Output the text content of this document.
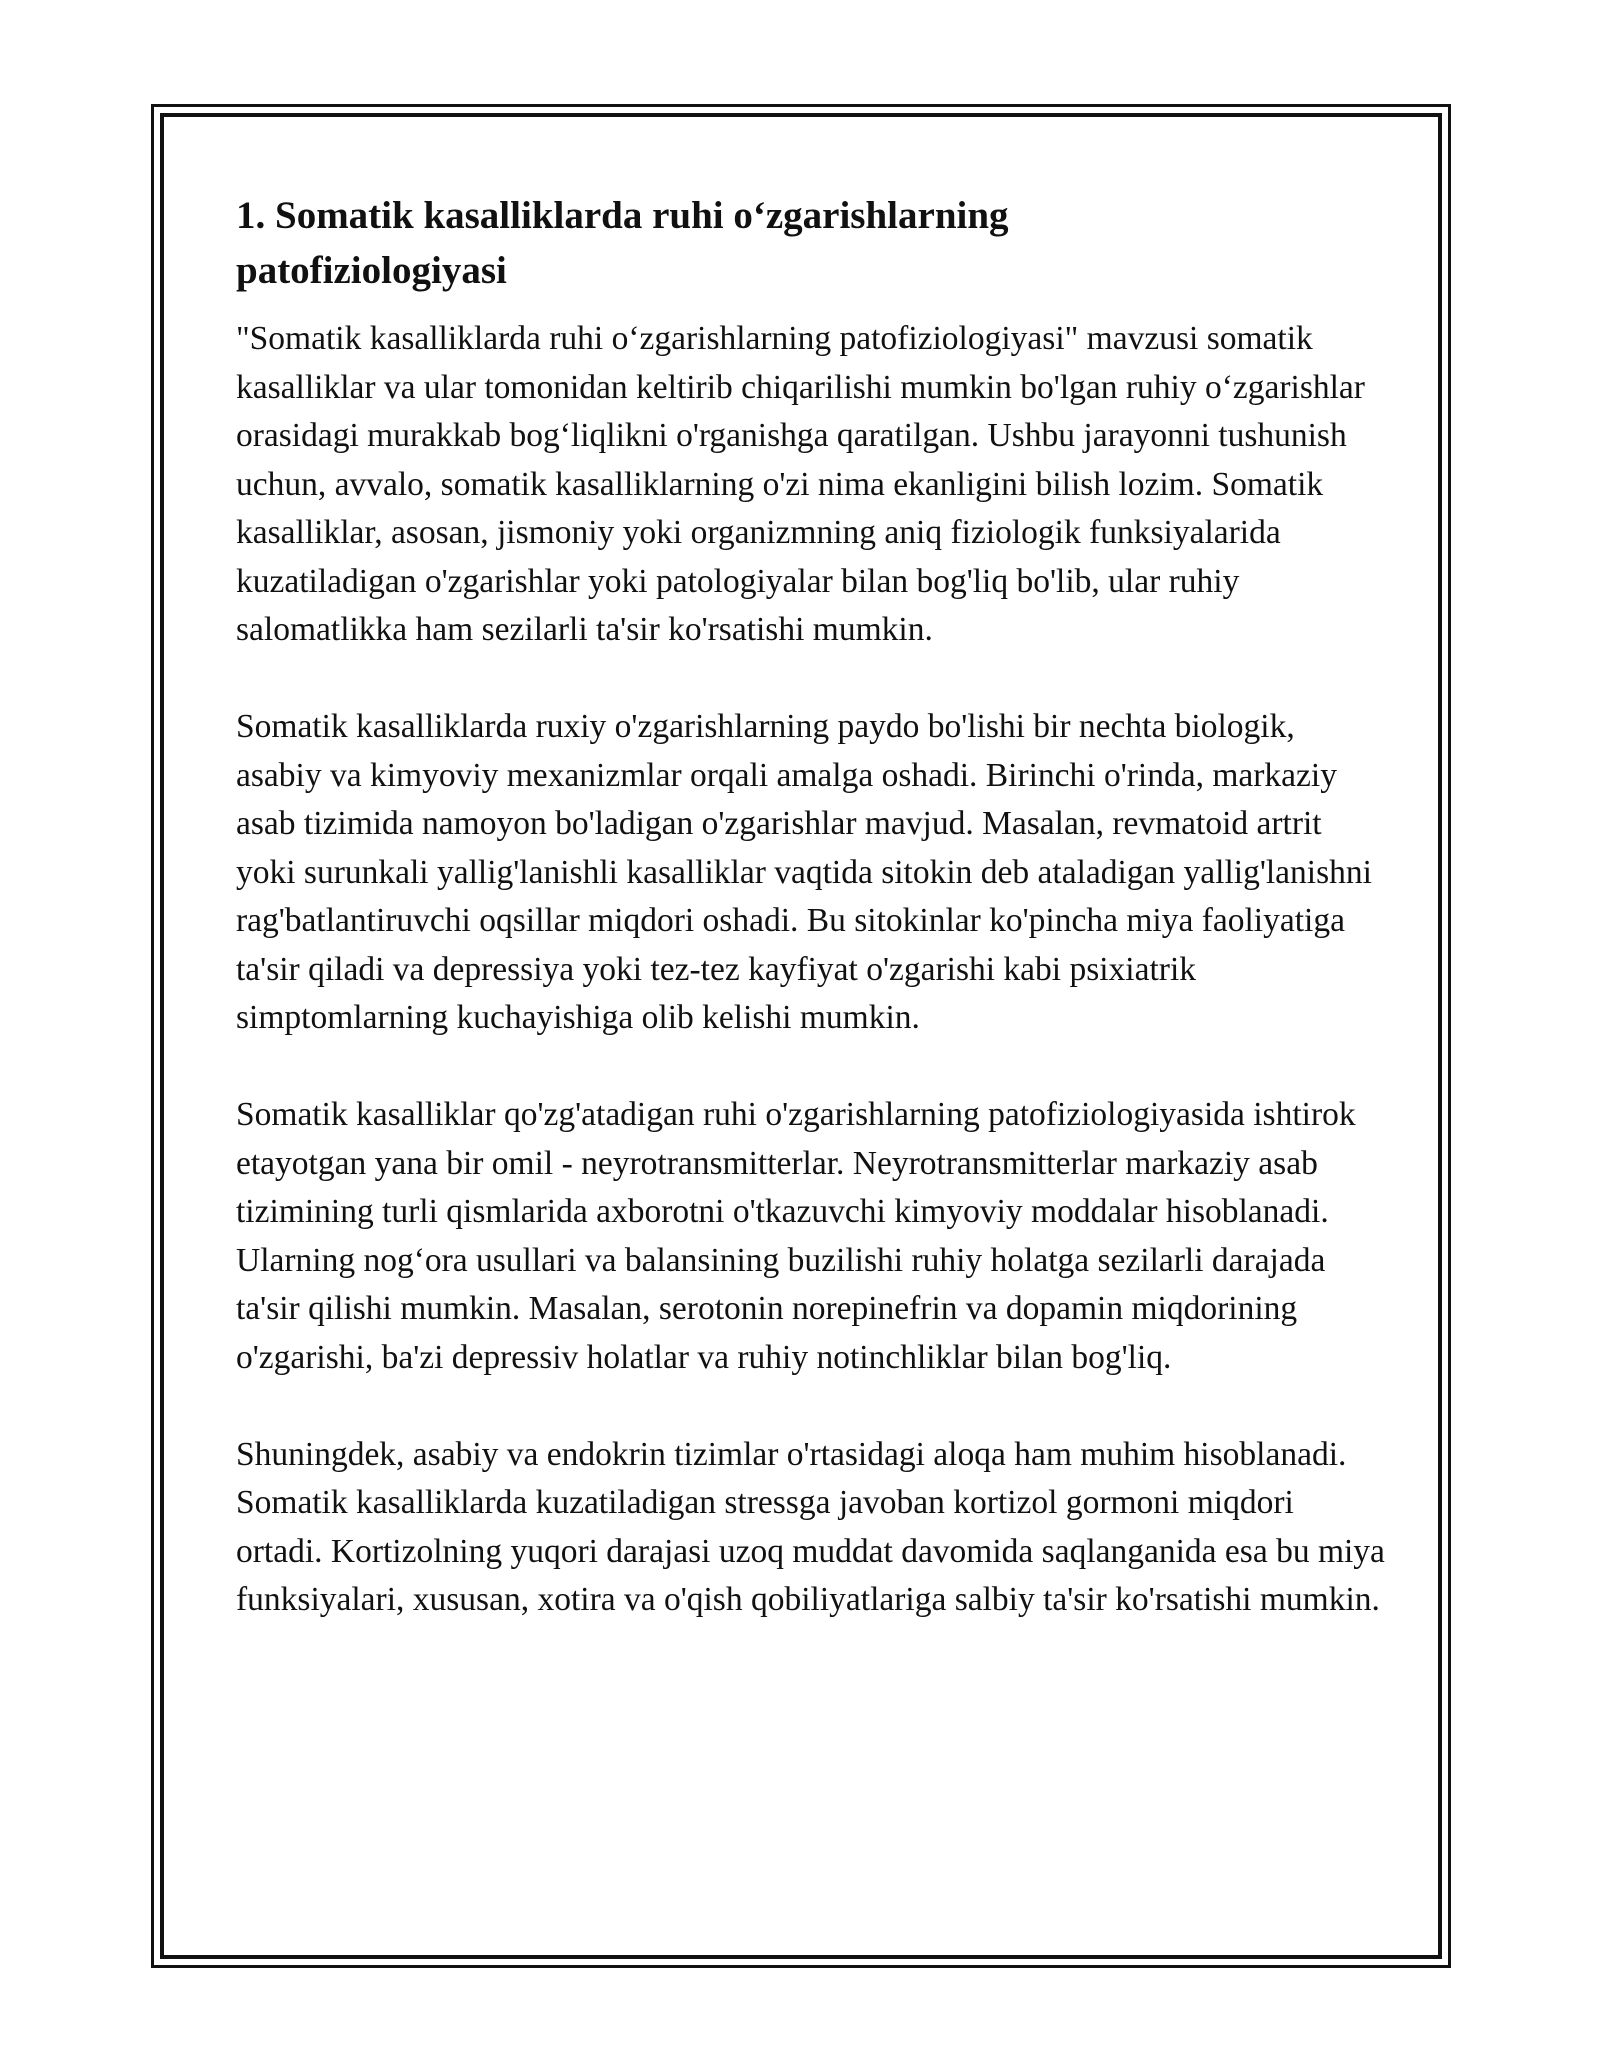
1. Somatik kasalliklarda ruhi oʻzgarishlarning patofiziologiyasi

"Somatik kasalliklarda ruhi oʻzgarishlarning patofiziologiyasi" mavzusi somatik kasalliklar va ular tomonidan keltirib chiqarilishi mumkin bo'lgan ruhiy oʻzgarishlar orasidagi murakkab bogʻliqlikni o'rganishga qaratilgan. Ushbu jarayonni tushunish uchun, avvalo, somatik kasalliklarning o'zi nima ekanligini bilish lozim. Somatik kasalliklar, asosan, jismoniy yoki organizmning aniq fiziologik funksiyalarida kuzatiladigan o'zgarishlar yoki patologiyalar bilan bog'liq bo'lib, ular ruhiy salomatlikka ham sezilarli ta'sir ko'rsatishi mumkin.

Somatik kasalliklarda ruxiy o'zgarishlarning paydo bo'lishi bir nechta biologik, asabiy va kimyoviy mexanizmlar orqali amalga oshadi. Birinchi o'rinda, markaziy asab tizimida namoyon bo'ladigan o'zgarishlar mavjud. Masalan, revmatoid artrit yoki surunkali yallig'lanishli kasalliklar vaqtida sitokin deb ataladigan yallig'lanishni rag'batlantiruvchi oqsillar miqdori oshadi. Bu sitokinlar ko'pincha miya faoliyatiga ta'sir qiladi va depressiya yoki tez-tez kayfiyat o'zgarishi kabi psixiatrik simptomlarning kuchayishiga olib kelishi mumkin.

Somatik kasalliklar qo'zg'atadigan ruhi o'zgarishlarning patofiziologiyasida ishtirok etayotgan yana bir omil - neyrotransmitterlar. Neyrotransmitterlar markaziy asab tizimining turli qismlarida axborotni o'tkazuvchi kimyoviy moddalar hisoblanadi. Ularning nogʻora usullari va balansining buzilishi ruhiy holatga sezilarli darajada ta'sir qilishi mumkin. Masalan, serotonin norepinefrin va dopamin miqdorining o'zgarishi, ba'zi depressiv holatlar va ruhiy notinchliklar bilan bog'liq.

Shuningdek, asabiy va endokrin tizimlar o'rtasidagi aloqa ham muhim hisoblanadi. Somatik kasalliklarda kuzatiladigan stressga javoban kortizol gormoni miqdori ortadi. Kortizolning yuqori darajasi uzoq muddat davomida saqlanganida esa bu miya funksiyalari, xususan, xotira va o'qish qobiliyatlariga salbiy ta'sir ko'rsatishi mumkin.
